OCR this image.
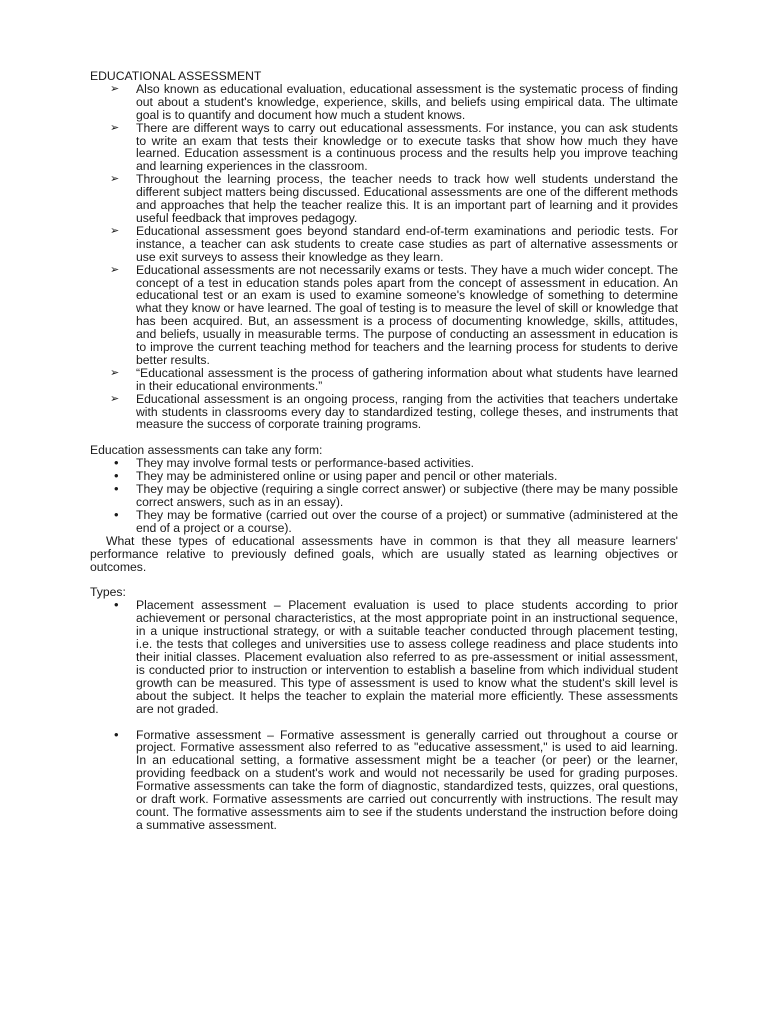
EDUCATIONAL ASSESSMENT

➢ Also known as educational evaluation, educational assessment is the systematic process of finding out about a student's knowledge, experience, skills, and beliefs using empirical data. The ultimate goal is to quantify and document how much a student knows.
➢ There are different ways to carry out educational assessments. For instance, you can ask students to write an exam that tests their knowledge or to execute tasks that show how much they have learned. Education assessment is a continuous process and the results help you improve teaching and learning experiences in the classroom.
➢ Throughout the learning process, the teacher needs to track how well students understand the different subject matters being discussed. Educational assessments are one of the different methods and approaches that help the teacher realize this. It is an important part of learning and it provides useful feedback that improves pedagogy.
➢ Educational assessment goes beyond standard end-of-term examinations and periodic tests. For instance, a teacher can ask students to create case studies as part of alternative assessments or use exit surveys to assess their knowledge as they learn.
➢ Educational assessments are not necessarily exams or tests. They have a much wider concept. The concept of a test in education stands poles apart from the concept of assessment in education. An educational test or an exam is used to examine someone's knowledge of something to determine what they know or have learned. The goal of testing is to measure the level of skill or knowledge that has been acquired. But, an assessment is a process of documenting knowledge, skills, attitudes, and beliefs, usually in measurable terms. The purpose of conducting an assessment in education is to improve the current teaching method for teachers and the learning process for students to derive better results.
➢ “Educational assessment is the process of gathering information about what students have learned in their educational environments.”
➢ Educational assessment is an ongoing process, ranging from the activities that teachers undertake with students in classrooms every day to standardized testing, college theses, and instruments that measure the success of corporate training programs.

Education assessments can take any form:

• They may involve formal tests or performance-based activities.
• They may be administered online or using paper and pencil or other materials.
• They may be objective (requiring a single correct answer) or subjective (there may be many possible correct answers, such as in an essay).
• They may be formative (carried out over the course of a project) or summative (administered at the end of a project or a course).

What these types of educational assessments have in common is that they all measure learners' performance relative to previously defined goals, which are usually stated as learning objectives or outcomes.

Types:

• Placement assessment – Placement evaluation is used to place students according to prior achievement or personal characteristics, at the most appropriate point in an instructional sequence, in a unique instructional strategy, or with a suitable teacher conducted through placement testing, i.e. the tests that colleges and universities use to assess college readiness and place students into their initial classes. Placement evaluation also referred to as pre-assessment or initial assessment, is conducted prior to instruction or intervention to establish a baseline from which individual student growth can be measured. This type of assessment is used to know what the student's skill level is about the subject. It helps the teacher to explain the material more efficiently. These assessments are not graded.
• Formative assessment – Formative assessment is generally carried out throughout a course or project. Formative assessment also referred to as "educative assessment," is used to aid learning. In an educational setting, a formative assessment might be a teacher (or peer) or the learner, providing feedback on a student's work and would not necessarily be used for grading purposes. Formative assessments can take the form of diagnostic, standardized tests, quizzes, oral questions, or draft work. Formative assessments are carried out concurrently with instructions. The result may count. The formative assessments aim to see if the students understand the instruction before doing a summative assessment.
